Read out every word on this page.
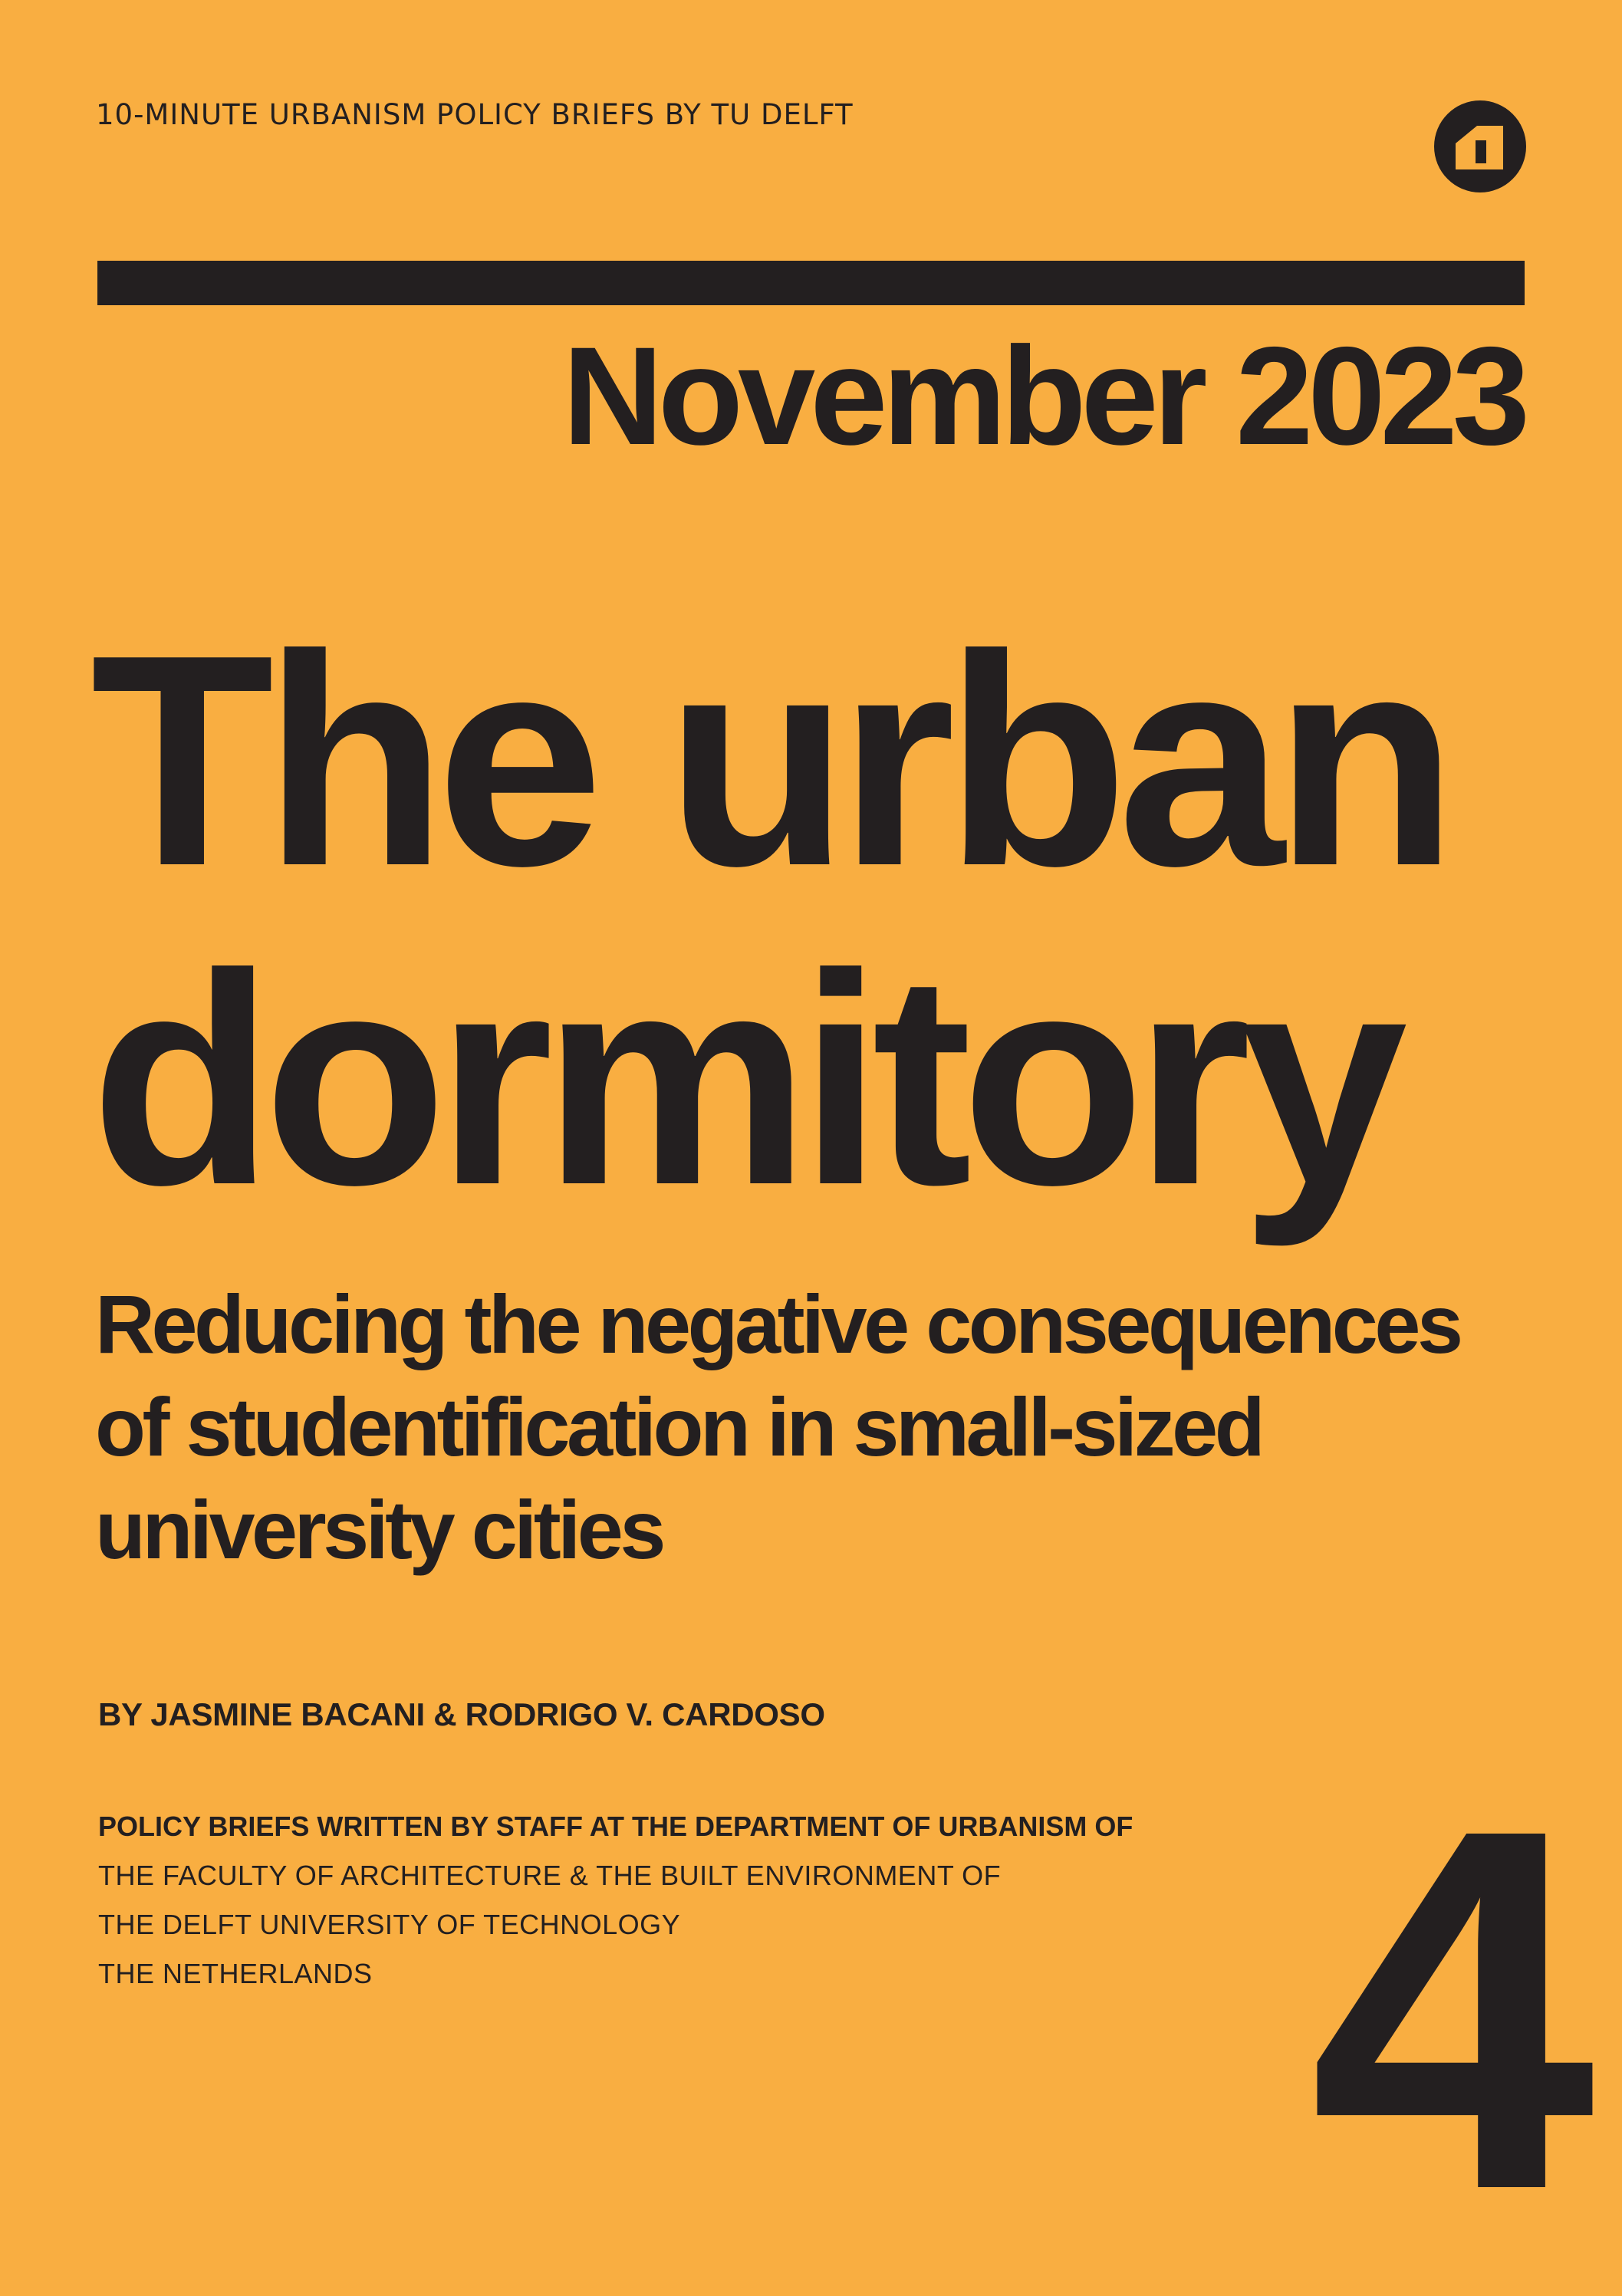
10-MINUTE URBANISM POLICY BRIEFS BY TU DELFT
November 2023
The urban
dormitory
Reducing the negative consequences
of studentification in small-sized
university cities
BY JASMINE BACANI & RODRIGO V. CARDOSO
POLICY BRIEFS WRITTEN BY STAFF AT THE DEPARTMENT OF URBANISM OF
THE FACULTY OF ARCHITECTURE & THE BUILT ENVIRONMENT OF
THE DELFT UNIVERSITY OF TECHNOLOGY
THE NETHERLANDS	4
